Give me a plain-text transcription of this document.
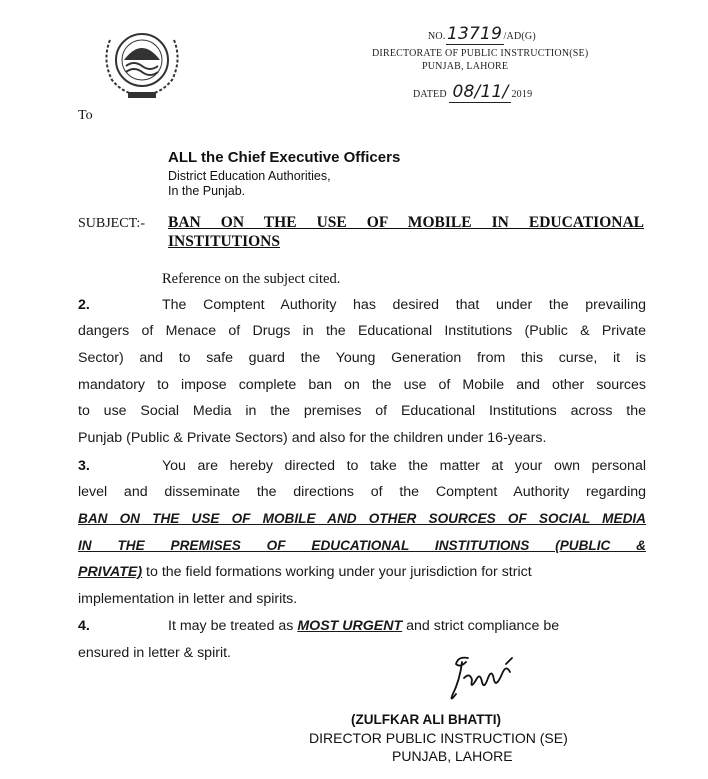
NO.13719/AD(G)
DIRECTORATE OF PUBLIC INSTRUCTION(SE)
PUNJAB, LAHORE
DATED 08/11/ 2019
To
ALL the Chief Executive Officers
District Education Authorities,
In the Punjab.
SUBJECT:- BAN ON THE USE OF MOBILE IN EDUCATIONAL
INSTITUTIONS
Reference on the subject cited.
2.	The Comptent Authority has desired that under the prevailing
dangers of Menace of Drugs in the Educational Institutions (Public & Private
Sector) and to safe guard the Young Generation from this curse, it is
mandatory to impose complete ban on the use of Mobile and other sources
to use Social Media in the premises of Educational Institutions across the
Punjab (Public & Private Sectors) and also for the children under 16-years.
3.	You are hereby directed to take the matter at your own personal
level and disseminate the directions of the Comptent Authority regarding
BAN ON THE USE OF MOBILE AND OTHER SOURCES OF SOCIAL MEDIA
IN THE PREMISES OF EDUCATIONAL INSTITUTIONS (PUBLIC &
PRIVATE) to the field formations working under your jurisdiction for strict
implementation in letter and spirits.
4.	It may be treated as MOST URGENT and strict compliance be
ensured in letter & spirit.
(ZULFKAR ALI BHATTI)
DIRECTOR PUBLIC INSTRUCTION (SE)
PUNJAB, LAHORE
